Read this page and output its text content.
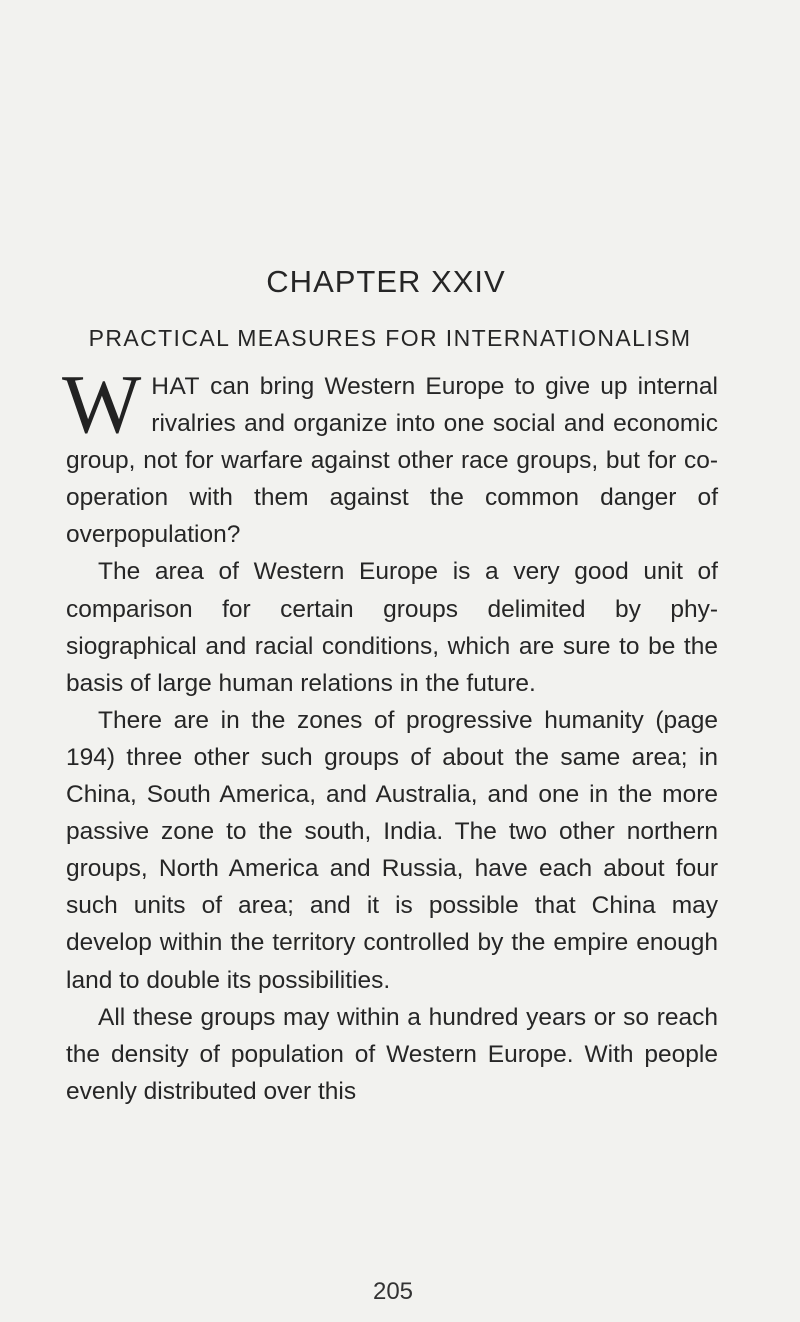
CHAPTER XXIV
PRACTICAL MEASURES FOR INTERNATIONALISM

WHAT can bring Western Europe to give up internal rivalries and organize into one social and economic group, not for warfare against other race groups, but for co-operation with them against the common danger of overpopulation?

The area of Western Europe is a very good unit of comparison for certain groups delimited by phy- siographical and racial conditions, which are sure to be the basis of large human relations in the future.

There are in the zones of progressive humanity (page 194) three other such groups of about the same area; in China, South America, and Australia, and one in the more passive zone to the south, India. The two other northern groups, North America and Russia, have each about four such units of area; and it is possible that China may develop within the territory controlled by the empire enough land to double its possibilities.

All these groups may within a hundred years or so reach the density of population of Western Europe. With people evenly distributed over this

205
